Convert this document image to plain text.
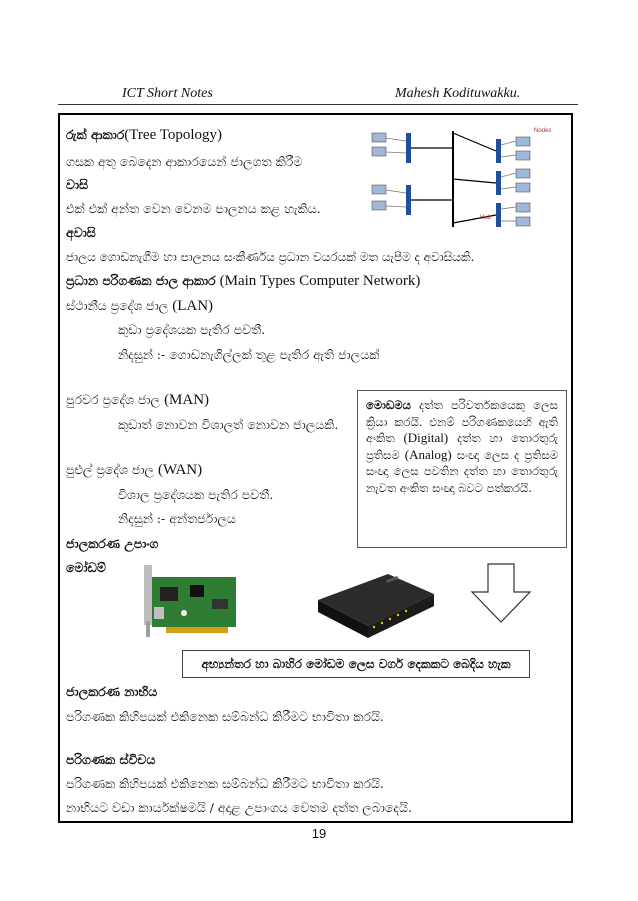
ICT Short Notes	Mahesh Kodituwakku.
රුක් ආකාර(Tree Topology)
ගසක අතු බෙදෙන ආකාරයෙන් ජාලගත කිරීම
වාසි
එක් එක් අන්ත වෙන වෙනම පාලනය කළ හැකිය.
අවාසි
ජාලය ගොඩනැගීම හා පාලනය සංකීර්ණය ප්‍රධාන වයරයක් මත යැපීම ද අවාසියකි.
ප්‍රධාන පරිගණක ජාල ආකාර (Main Types Computer Network)
ස්ථානීය ප්‍රදේශ ජාල (LAN)
කුඩා ප්‍රදේශයක පැතිර පවතී.
නිදසුන් :- ගොඩනැගිල්ලක් තුළ පැතිර ඇති ජාලයක්
පුරවර ප්‍රදේශ ජාල (MAN)
කුඩාත් නොවන විශාලත් නොවන ජාලයකි.
පුළුල් ප්‍රදේශ ජාල (WAN)
විශාල ප්‍රදේශයක පැතිර පවතී.
නිදසුන් :- අන්තර්ජාලය
ජාලකරණ උපාංග
මෝඩම්
ජාලකරණ නාභිය
පරිගණක කිහිපයක් එකිනෙක සම්බන්ධ කිරීමට භාවිතා කරයි.
පරිගණක ස්විචය
පරිගණක කිහිපයක් එකිනෙක සම්බන්ධ කිරීමට භාවිතා කරයි.
නාභියට වඩා කාර්යක්ෂමයි / අදාළ උපාංගය වෙතම දත්ත ලබාදෙයි.
Nodes
Hub
මොඩමය දත්ත පරිවර්තකයෙකු ලෙස ක්‍රියා කරයි. එනම් පරිගණකයෙහි ඇති අංකිත (Digital) දත්ත හා තොරතුරු ප්‍රතිසම (Analog) සංඥා ලෙස ද ප්‍රතිසම සංඥා ලෙස පවතින දත්ත හා තොරතුරු නැවත අංකිත සංඥා බවට පත්කරයි.
අභ්‍යන්තර හා බාහිර මෝඩම ලෙස වර්ග දෙකකට බෙදිය හැක
19
